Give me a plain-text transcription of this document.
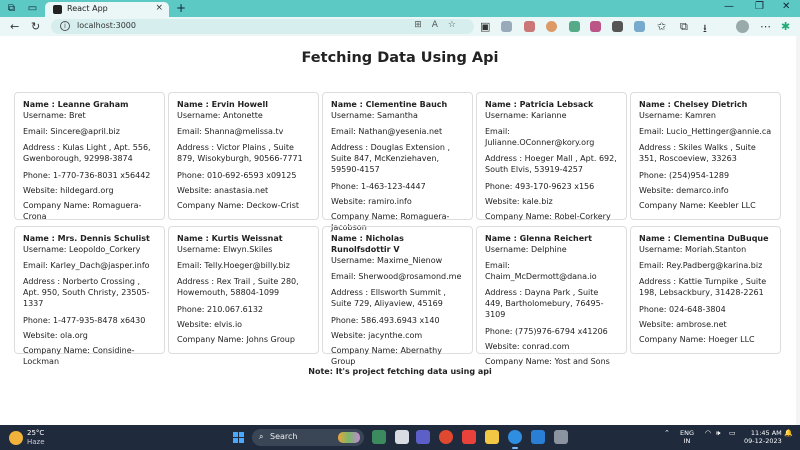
⧉ ▭	React App	× +	— ❐ ✕
← ↻	i	localhost:3000	⊞A☆ ▣	✩ ⧉ ⭳	⋯ ✱
Fetching Data Using Api
Name : Leanne Graham
Username: Bret
Email: Sincere@april.biz
Address : Kulas Light , Apt. 556, Gwenborough, 92998-3874
Phone: 1-770-736-8031 x56442
Website: hildegard.org
Company Name: Romaguera-Crona
Name : Ervin Howell
Username: Antonette
Email: Shanna@melissa.tv
Address : Victor Plains , Suite 879, Wisokyburgh, 90566-7771
Phone: 010-692-6593 x09125
Website: anastasia.net
Company Name: Deckow-Crist
Name : Clementine Bauch
Username: Samantha
Email: Nathan@yesenia.net
Address : Douglas Extension , Suite 847, McKenziehaven, 59590-4157
Phone: 1-463-123-4447
Website: ramiro.info
Company Name: Romaguera-Jacobson
Name : Patricia Lebsack
Username: Karianne
Email: Julianne.OConner@kory.org
Address : Hoeger Mall , Apt. 692, South Elvis, 53919-4257
Phone: 493-170-9623 x156
Website: kale.biz
Company Name: Robel-Corkery
Name : Chelsey Dietrich
Username: Kamren
Email: Lucio_Hettinger@annie.ca
Address : Skiles Walks , Suite 351, Roscoeview, 33263
Phone: (254)954-1289
Website: demarco.info
Company Name: Keebler LLC
Name : Mrs. Dennis Schulist
Username: Leopoldo_Corkery
Email: Karley_Dach@jasper.info
Address : Norberto Crossing , Apt. 950, South Christy, 23505-1337
Phone: 1-477-935-8478 x6430
Website: ola.org
Company Name: Considine-Lockman
Name : Kurtis Weissnat
Username: Elwyn.Skiles
Email: Telly.Hoeger@billy.biz
Address : Rex Trail , Suite 280, Howemouth, 58804-1099
Phone: 210.067.6132
Website: elvis.io
Company Name: Johns Group
Name : Nicholas Runolfsdottir V
Username: Maxime_Nienow
Email: Sherwood@rosamond.me
Address : Ellsworth Summit , Suite 729, Aliyaview, 45169
Phone: 586.493.6943 x140
Website: jacynthe.com
Company Name: Abernathy Group
Name : Glenna Reichert
Username: Delphine
Email: Chaim_McDermott@dana.io
Address : Dayna Park , Suite 449, Bartholomebury, 76495-3109
Phone: (775)976-6794 x41206
Website: conrad.com
Company Name: Yost and Sons
Name : Clementina DuBuque
Username: Moriah.Stanton
Email: Rey.Padberg@karina.biz
Address : Kattie Turnpike , Suite 198, Lebsackbury, 31428-2261
Phone: 024-648-3804
Website: ambrose.net
Company Name: Hoeger LLC
Note: It's project fetching data using api
25°C
Haze
⌕ Search	⌃ ENG
IN
◠ 🕪 ▭	11:45 AM
09-12-2023
🔔
